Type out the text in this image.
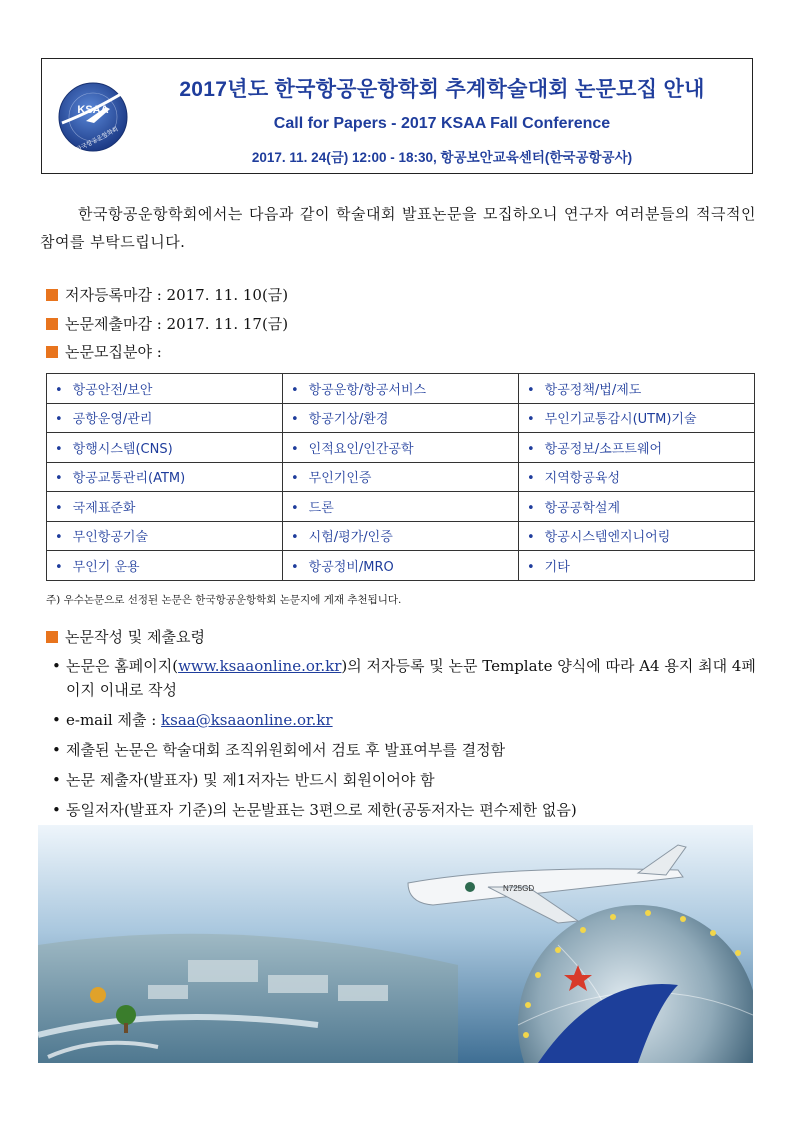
KSAA
한국항공운항학회
2017년도 한국항공운항학회 추계학술대회 논문모집 안내
Call for Papers - 2017 KSAA Fall Conference
2017. 11. 24(금) 12:00 - 18:30, 항공보안교육센터(한국공항공사)

한국항공운항학회에서는 다음과 같이 학술대회 발표논문을 모집하오니 연구자 여러분들의 적극적인 참여를 부탁드립니다.

저자등록마감 : 2017. 11. 10(금)
논문제출마감 : 2017. 11. 17(금)
논문모집분야 :
• 항공안전/보안	• 항공운항/항공서비스	• 항공정책/법/제도
• 공항운영/관리	• 항공기상/환경	• 무인기교통감시(UTM)기술
• 항행시스템(CNS)	• 인적요인/인간공학	• 항공정보/소프트웨어
• 항공교통관리(ATM)	• 무인기인증	• 지역항공육성
• 국제표준화	• 드론	• 항공공학설계
• 무인항공기술	• 시험/평가/인증	• 항공시스템엔지니어링
• 무인기 운용	• 항공정비/MRO	• 기타
주) 우수논문으로 선정된 논문은 한국항공운항학회 논문지에 게재 추천됩니다.
논문작성 및 제출요령
• 논문은 홈페이지(www.ksaaonline.or.kr)의 저자등록 및 논문 Template 양식에 따라 A4 용지 최대 4페이지 이내로 작성
• e-mail 제출 : ksaa@ksaaonline.or.kr
• 제출된 논문은 학술대회 조직위원회에서 검토 후 발표여부를 결정함
• 논문 제출자(발표자) 및 제1저자는 반드시 회원이어야 함
• 동일저자(발표자 기준)의 논문발표는 3편으로 제한(공동저자는 편수제한 없음)
N725GD
